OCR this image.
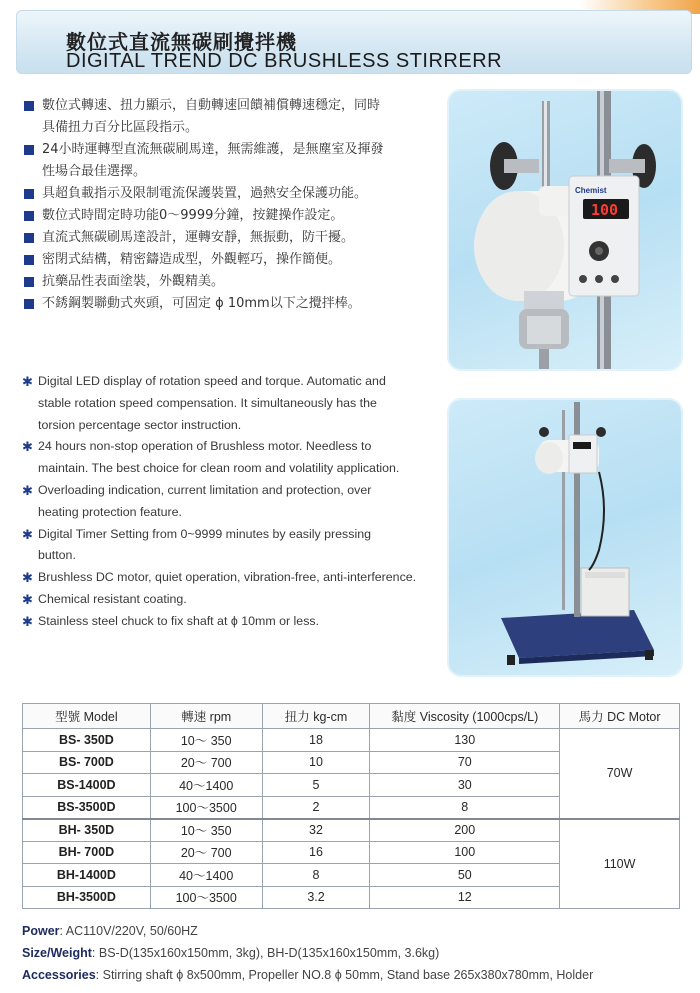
數位式直流無碳刷攪拌機
DIGITAL TREND DC BRUSHLESS STIRRERR
數位式轉速、扭力顯示，自動轉速回饋補償轉速穩定，同時
具備扭力百分比區段指示。
24小時運轉型直流無碳刷馬達，無需維護，是無塵室及揮發
性場合最佳選擇。
具超負載指示及限制電流保護裝置，過熱安全保護功能。
數位式時間定時功能0～9999分鐘，按鍵操作設定。
直流式無碳刷馬達設計，運轉安靜，無振動，防干擾。
密閉式結構，精密鑄造成型，外觀輕巧，操作簡便。
抗藥品性表面塗裝，外觀精美。
不銹鋼製聯動式夾頭，可固定 ϕ 10mm以下之攪拌棒。
✱ Digital LED display of rotation speed and torque. Automatic and
stable rotation speed compensation. It simultaneously has the
torsion percentage sector instruction.
✱ 24 hours non-stop operation of Brushless motor. Needless to
maintain. The best choice for clean room and volatility application.
✱ Overloading indication, current limitation and protection, over
heating protection feature.
✱ Digital Timer Setting from 0~9999 minutes by easily pressing
button.
✱ Brushless DC motor, quiet operation, vibration-free, anti-interference.
✱ Chemical resistant coating.
✱ Stainless steel chuck to fix shaft at ϕ 10mm or less.
Chemist
100
型號 Model	轉速 rpm	扭力 kg-cm	黏度 Viscosity (1000cps/L)	馬力 DC Motor
BS- 350D	10～ 350	18	130	70W
BS- 700D	20～ 700	10	70	
BS-1400D	40～1400	5	30	
BS-3500D	100～3500	2	8	
BH- 350D	10～ 350	32	200	110W
BH- 700D	20～ 700	16	100	
BH-1400D	40～1400	8	50	
BH-3500D	100～3500	3.2	12	
Power: AC110V/220V, 50/60HZ
Size/Weight: BS-D(135x160x150mm, 3kg), BH-D(135x160x150mm, 3.6kg)
Accessories: Stirring shaft ϕ 8x500mm, Propeller NO.8 ϕ 50mm, Stand base 265x380x780mm, Holder
